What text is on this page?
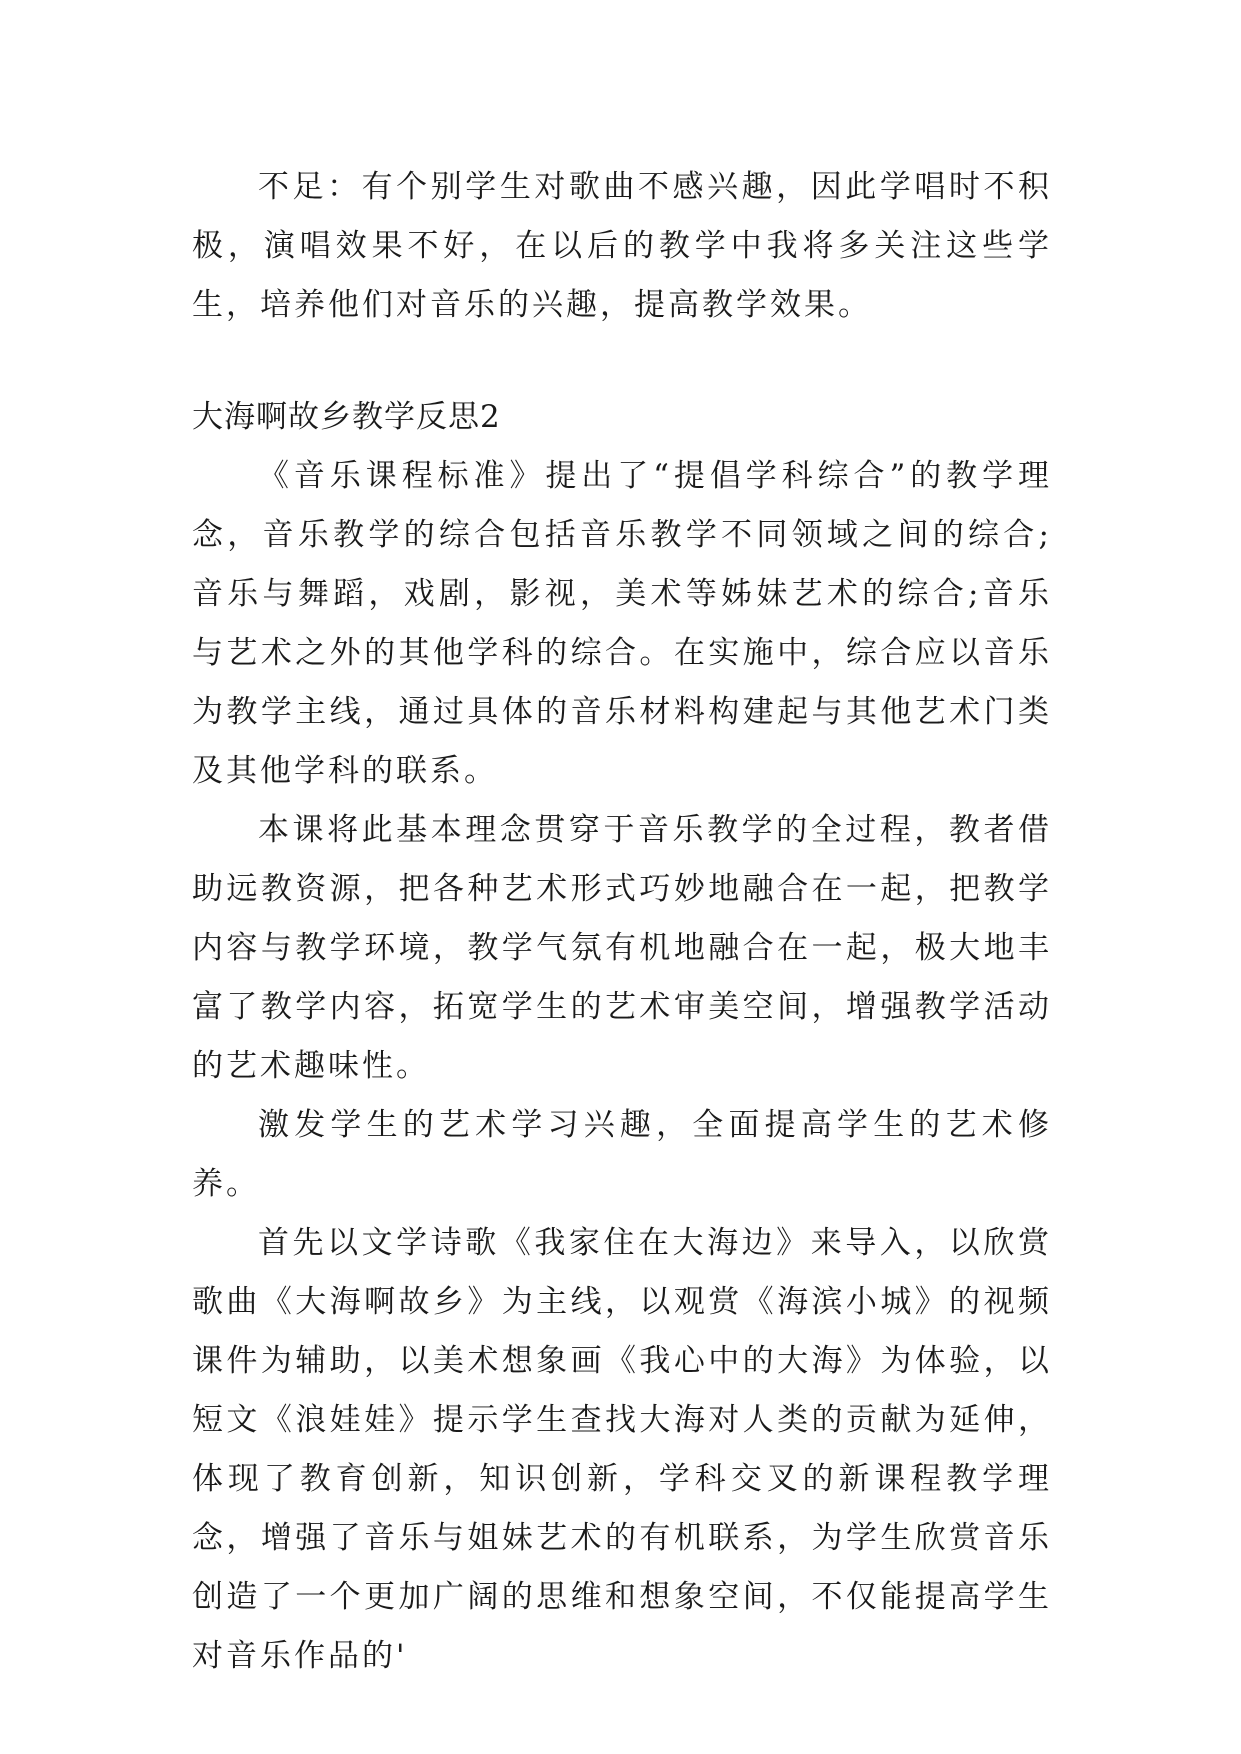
不足：有个别学生对歌曲不感兴趣，因此学唱时不积极，演唱效果不好，在以后的教学中我将多关注这些学生，培养他们对音乐的兴趣，提高教学效果。

大海啊故乡教学反思2

《音乐课程标准》提出了“提倡学科综合”的教学理念，音乐教学的综合包括音乐教学不同领域之间的综合;音乐与舞蹈，戏剧，影视，美术等姊妹艺术的综合;音乐与艺术之外的其他学科的综合。在实施中，综合应以音乐为教学主线，通过具体的音乐材料构建起与其他艺术门类及其他学科的联系。

本课将此基本理念贯穿于音乐教学的全过程，教者借助远教资源，把各种艺术形式巧妙地融合在一起，把教学内容与教学环境，教学气氛有机地融合在一起，极大地丰富了教学内容，拓宽学生的艺术审美空间，增强教学活动的艺术趣味性。

激发学生的艺术学习兴趣，全面提高学生的艺术修养。

首先以文学诗歌《我家住在大海边》来导入，以欣赏歌曲《大海啊故乡》为主线，以观赏《海滨小城》的视频课件为辅助，以美术想象画《我心中的大海》为体验，以短文《浪娃娃》提示学生查找大海对人类的贡献为延伸，体现了教育创新，知识创新，学科交叉的新课程教学理念，增强了音乐与姐妹艺术的有机联系，为学生欣赏音乐创造了一个更加广阔的思维和想象空间，不仅能提高学生对音乐作品的'
